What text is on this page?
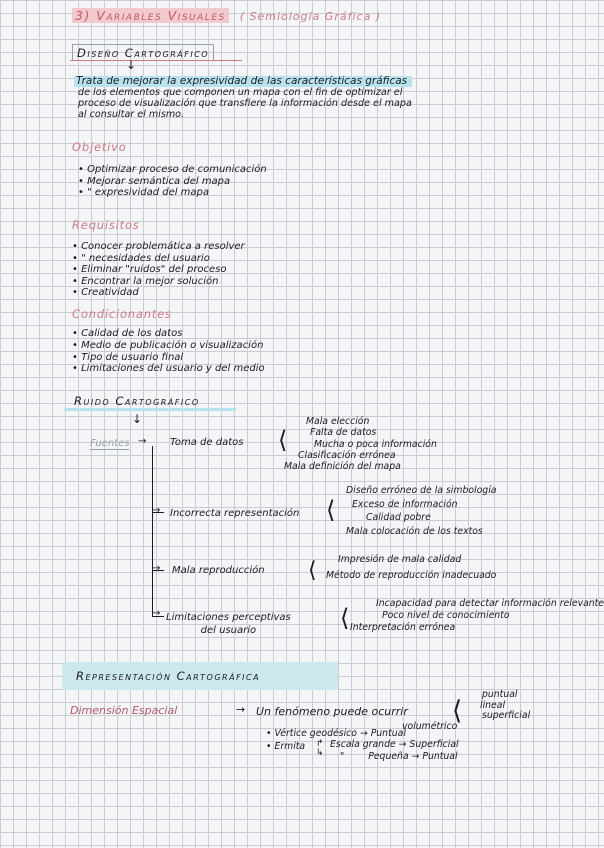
3) Variables Visuales ( Semiología Gráfica )
Diseño Cartográfico
↓
Trata de mejorar la expresividad de las características gráficas
de los elementos que componen un mapa con el fin de optimizar el
proceso de visualización que transfiere la información desde el mapa
al consultar el mismo.
Objetivo
• Optimizar proceso de comunicación
• Mejorar semántica del mapa
• " expresividad del mapa
Requisitos
• Conocer problemática a resolver
• " necesidades del usuario
• Eliminar "ruidos" del proceso
• Encontrar la mejor solución
• Creatividad
Condicionantes
• Calidad de los datos
• Medio de publicación o visualización
• Tipo de usuario final
• Limitaciones del usuario y del medio
Ruido Cartográfico
↓
Fuentes → Toma de datos ⟨
Mala elección
Falta de datos
Mucha o poca información
Clasificación errónea
Mala definición del mapa
→ Incorrecta representación ⟨
Diseño erróneo de la simbología
Exceso de información
Calidad pobre
Mala colocación de los textos
→ Mala reproducción ⟨ Impresión de mala calidad
Método de reproducción inadecuado
→ Limitaciones perceptivas
del usuario	⟨
Incapacidad para detectar información relevante
Poco nivel de conocimiento
Interpretación errónea
Representación Cartográfica
Dimensión Espacial	→ Un fenómeno puede ocurrir ⟨
puntual
lineal
superficial
volumétrico
• Vértice geodésico → Puntual
• Ermita ↱
↳
Escala grande → Superficial
"	Pequeña → Puntual
